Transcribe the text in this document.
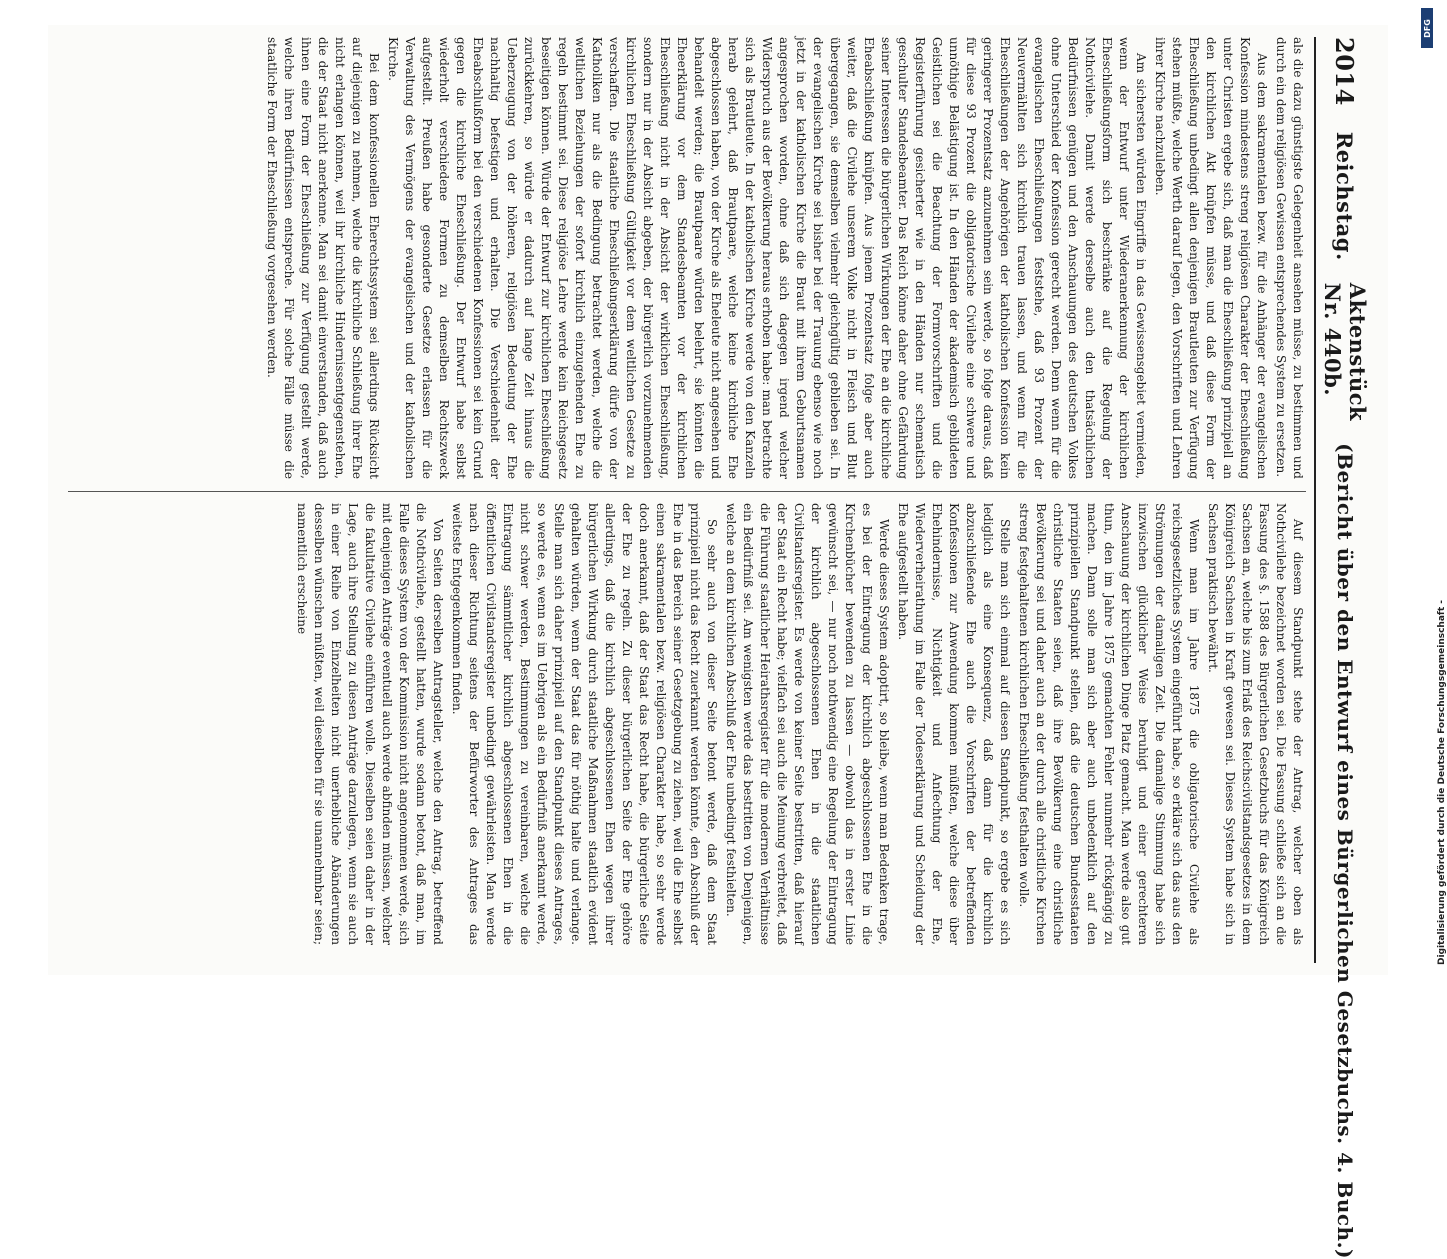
2014
Reichstag.
Aktenstück Nr. 440b.
(Bericht über den Entwurf eines Bürgerlichen Gesetzbuchs. 4. Buch.)

als die dazu günstigste Gelegenheit ansehen müsse, zu bestimmen und durch ein dem religiösen Gewissen entsprechendes System zu ersetzen.

Aus dem sakramentalen bezw. für die Anhänger der evangelischen Konfession mindestens streng religiösen Charakter der Eheschließung unter Christen ergebe sich, daß man die Eheschließung prinzipiell an den kirchlichen Akt knüpfen müsse, und daß diese Form der Eheschließung unbedingt allen denjenigen Brautleuten zur Verfügung stehen müßte, welche Werth darauf legen, den Vorschriften und Lehren ihrer Kirche nachzuleben.

Am sichersten würden Eingriffe in das Gewissensgebiet vermieden, wenn der Entwurf unter Wiederanerkennung der kirchlichen Eheschließungsform sich beschränke auf die Regelung der Nothcivilehe. Damit werde derselbe auch den thatsächlichen Bedürfnissen genügen und den Anschauungen des deutschen Volkes ohne Unterschied der Konfession gerecht werden. Denn wenn für die evangelischen Eheschließungen feststehe, daß 93 Prozent der Neuvermählten sich kirchlich trauen lassen, und wenn für die Eheschließungen der Angehörigen der katholischen Konfession kein geringerer Prozentsatz anzunehmen sein werde, so folge daraus, daß für diese 93 Prozent die obligatorische Civilehe eine schwere und unnöthige Belästigung ist. In den Händen der akademisch gebildeten Geistlichen sei die Beachtung der Formvorschriften und die Registerführung gesicherter wie in den Händen nur schematisch geschulter Standesbeamter. Das Reich könne daher ohne Gefährdung seiner Interessen die bürgerlichen Wirkungen der Ehe an die kirchliche Eheabschließung knüpfen. Aus jenem Prozentsatz folge aber auch weiter, daß die Civilehe unserem Volke nicht in Fleisch und Blut übergegangen, sie demselben vielmehr gleichgültig geblieben sei. In der evangelischen Kirche sei bisher bei der Trauung ebenso wie noch jetzt in der katholischen Kirche die Braut mit ihrem Geburtsnamen angesprochen worden, ohne daß sich dagegen irgend welcher Widerspruch aus der Bevölkerung heraus erhoben habe: man betrachte sich als Brautleute. In der katholischen Kirche werde von den Kanzeln herab gelehrt, daß Brautpaare, welche keine kirchliche Ehe abgeschlossen haben, von der Kirche als Eheleute nicht angesehen und behandelt werden; die Brautpaare würden belehrt, sie könnten die Eheerklärung vor dem Standesbeamten vor der kirchlichen Eheschließung nicht in der Absicht der wirklichen Eheschließung, sondern nur in der Absicht abgeben, der bürgerlich vorzunehmenden kirchlichen Eheschließung Gültigkeit vor dem weltlichen Gesetze zu verschaffen. Die staatliche Eheschließungserklärung dürfe von der Katholiken nur als die Bedingung betrachtet werden, welche die weltlichen Beziehungen der sofort kirchlich einzugehenden Ehe zu regeln bestimmt sei. Diese religiöse Lehre werde kein Reichsgesetz beseitigen können. Würde der Entwurf zur kirchlichen Eheschließung zurückkehren, so würde er dadurch auf lange Zeit hinaus die Ueberzeugung von der höheren, religiösen Bedeutung der Ehe nachhaltig befestigen und erhalten. Die Verschiedenheit der Eheabschlußform bei den verschiedenen Konfessionen sei kein Grund gegen die kirchliche Eheschließung. Der Entwurf habe selbst wiederholt verschiedene Formen zu demselben Rechtszweck aufgestellt. Preußen habe gesonderte Gesetze erlassen für die Verwaltung des Vermögens der evangelischen und der katholischen Kirche.

Bei dem konfessionellen Eherechtssystem sei allerdings Rücksicht auf diejenigen zu nehmen, welche die kirchliche Schließung ihrer Ehe nicht erlangen können, weil ihr kirchliche Hindernissentgegenstehen, die der Staat nicht anerkenne. Man sei damit einverstanden, daß auch ihnen eine Form der Eheschließung zur Verfügung gestellt werde, welche ihren Bedürfnissen entspreche. Für solche Fälle müsse die staatliche Form der Eheschließung vorgesehen werden.

Auf diesem Standpunkt stehe der Antrag, welcher oben als Nothcivilehe bezeichnet worden sei. Die Fassung schließe sich an die Fassung des §. 1588 des Bürgerlichen Gesetzbuchs für das Königreich Sachsen an, welche bis zum Erlaß des Reichscivilstandsgesetzes in dem Königreich Sachsen in Kraft gewesen sei. Dieses System habe sich in Sachsen praktisch bewährt.

Wenn man im Jahre 1875 die obligatorische Civilehe als reichsgesetzliches System eingeführt habe, so erkläre sich das aus den Strömungen der damaligen Zeit. Die damalige Stimmung habe sich inzwischen glücklicher Weise beruhigt und einer gerechteren Anschauung der kirchlichen Dinge Platz gemacht. Man werde also gut thun, den im Jahre 1875 gemachten Fehler nunmehr rückgängig zu machen. Dann solle man sich aber auch unbedenklich auf den prinzipiellen Standpunkt stellen, daß die deutschen Bundesstaaten christliche Staaten seien, daß ihre Bevölkerung eine christliche Bevölkerung sei und daher auch an der durch alle christliche Kirchen streng festgehaltenen kirchlichen Eheschließung festhalten wolle.

Stelle man sich einmal auf diesen Standpunkt, so ergebe es sich lediglich als eine Konsequenz, daß dann für die kirchlich abzuschließende Ehe auch die Vorschriften der betreffenden Konfessionen zur Anwendung kommen müßten, welche diese über Ehehindernisse, Nichtigkeit und Anfechtung der Ehe, Wiederverheirathung im Falle der Todeserklärung und Scheidung der Ehe aufgestellt haben.

Werde dieses System adoptirt, so bleibe, wenn man Bedenken trage, es bei der Eintragung der kirchlich abgeschlossenen Ehe in die Kirchenbücher bewenden zu lassen — obwohl das in erster Linie gewünscht sei, — nur noch nothwendig eine Regelung der Eintragung der kirchlich abgeschlossenen Ehen in die staatlichen Civilstandsregister. Es werde von keiner Seite bestritten, daß hierauf der Staat ein Recht habe; vielfach sei auch die Meinung verbreitet, daß die Führung staatlicher Heirathsregister für die modernen Verhältnisse ein Bedürfniß sei. Am wenigsten werde das bestritten von Denjenigen, welche an dem kirchlichen Abschluß der Ehe unbedingt festhielten.

So sehr auch von dieser Seite betont werde, daß dem Staat prinzipiell nicht das Recht zuerkannt werden könnte, den Abschluß der Ehe in das Bereich seiner Gesetzgebung zu ziehen, weil die Ehe selbst einen sakramentalen bezw. religiösen Charakter habe, so sehr werde doch anerkannt, daß der Staat das Recht habe, die bürgerliche Seite der Ehe zu regeln. Zu dieser bürgerlichen Seite der Ehe gehöre allerdings, daß die kirchlich abgeschlossenen Ehen wegen ihrer bürgerlichen Wirkung durch staatliche Maßnahmen staatlich evident gehalten würden, wenn der Staat das für nöthig halte und verlange. Stelle man sich daher prinzipiell auf den Standpunkt dieses Antrages, so werde es, wenn es im Uebrigen als ein Bedürfniß anerkannt werde, nicht schwer werden, Bestimmungen zu vereinbaren, welche die Eintragung sämmtlicher kirchlich abgeschlossenen Ehen in die öffentlichen Civilstandsregister unbedingt gewährleisten. Man werde nach dieser Richtung seitens der Befürworter des Antrages das weiteste Entgegenkommen finden.

Von Seiten derselben Antragsteller, welche den Antrag, betreffend die Nothcivilehe, gestellt hatten, wurde sodann betont, daß man, im Falle dieses System von der Kommission nicht angenommen werde, sich mit denjenigen Anträge eventuell auch werde abfinden müssen, welcher die fakultative Civilehe einführen wolle. Dieselben seien daher in der Lage, auch ihre Stellung zu diesen Anträge darzulegen, wenn sie auch in einer Reihe von Einzelheiten nicht unerhebliche Abänderungen desselben wünschen müßten, weil dieselben für sie unannehmbar seien; namentlich erscheine

DFG
Digitalisierung gefördert durch die Deutsche Forschungsgemeinschaft -
